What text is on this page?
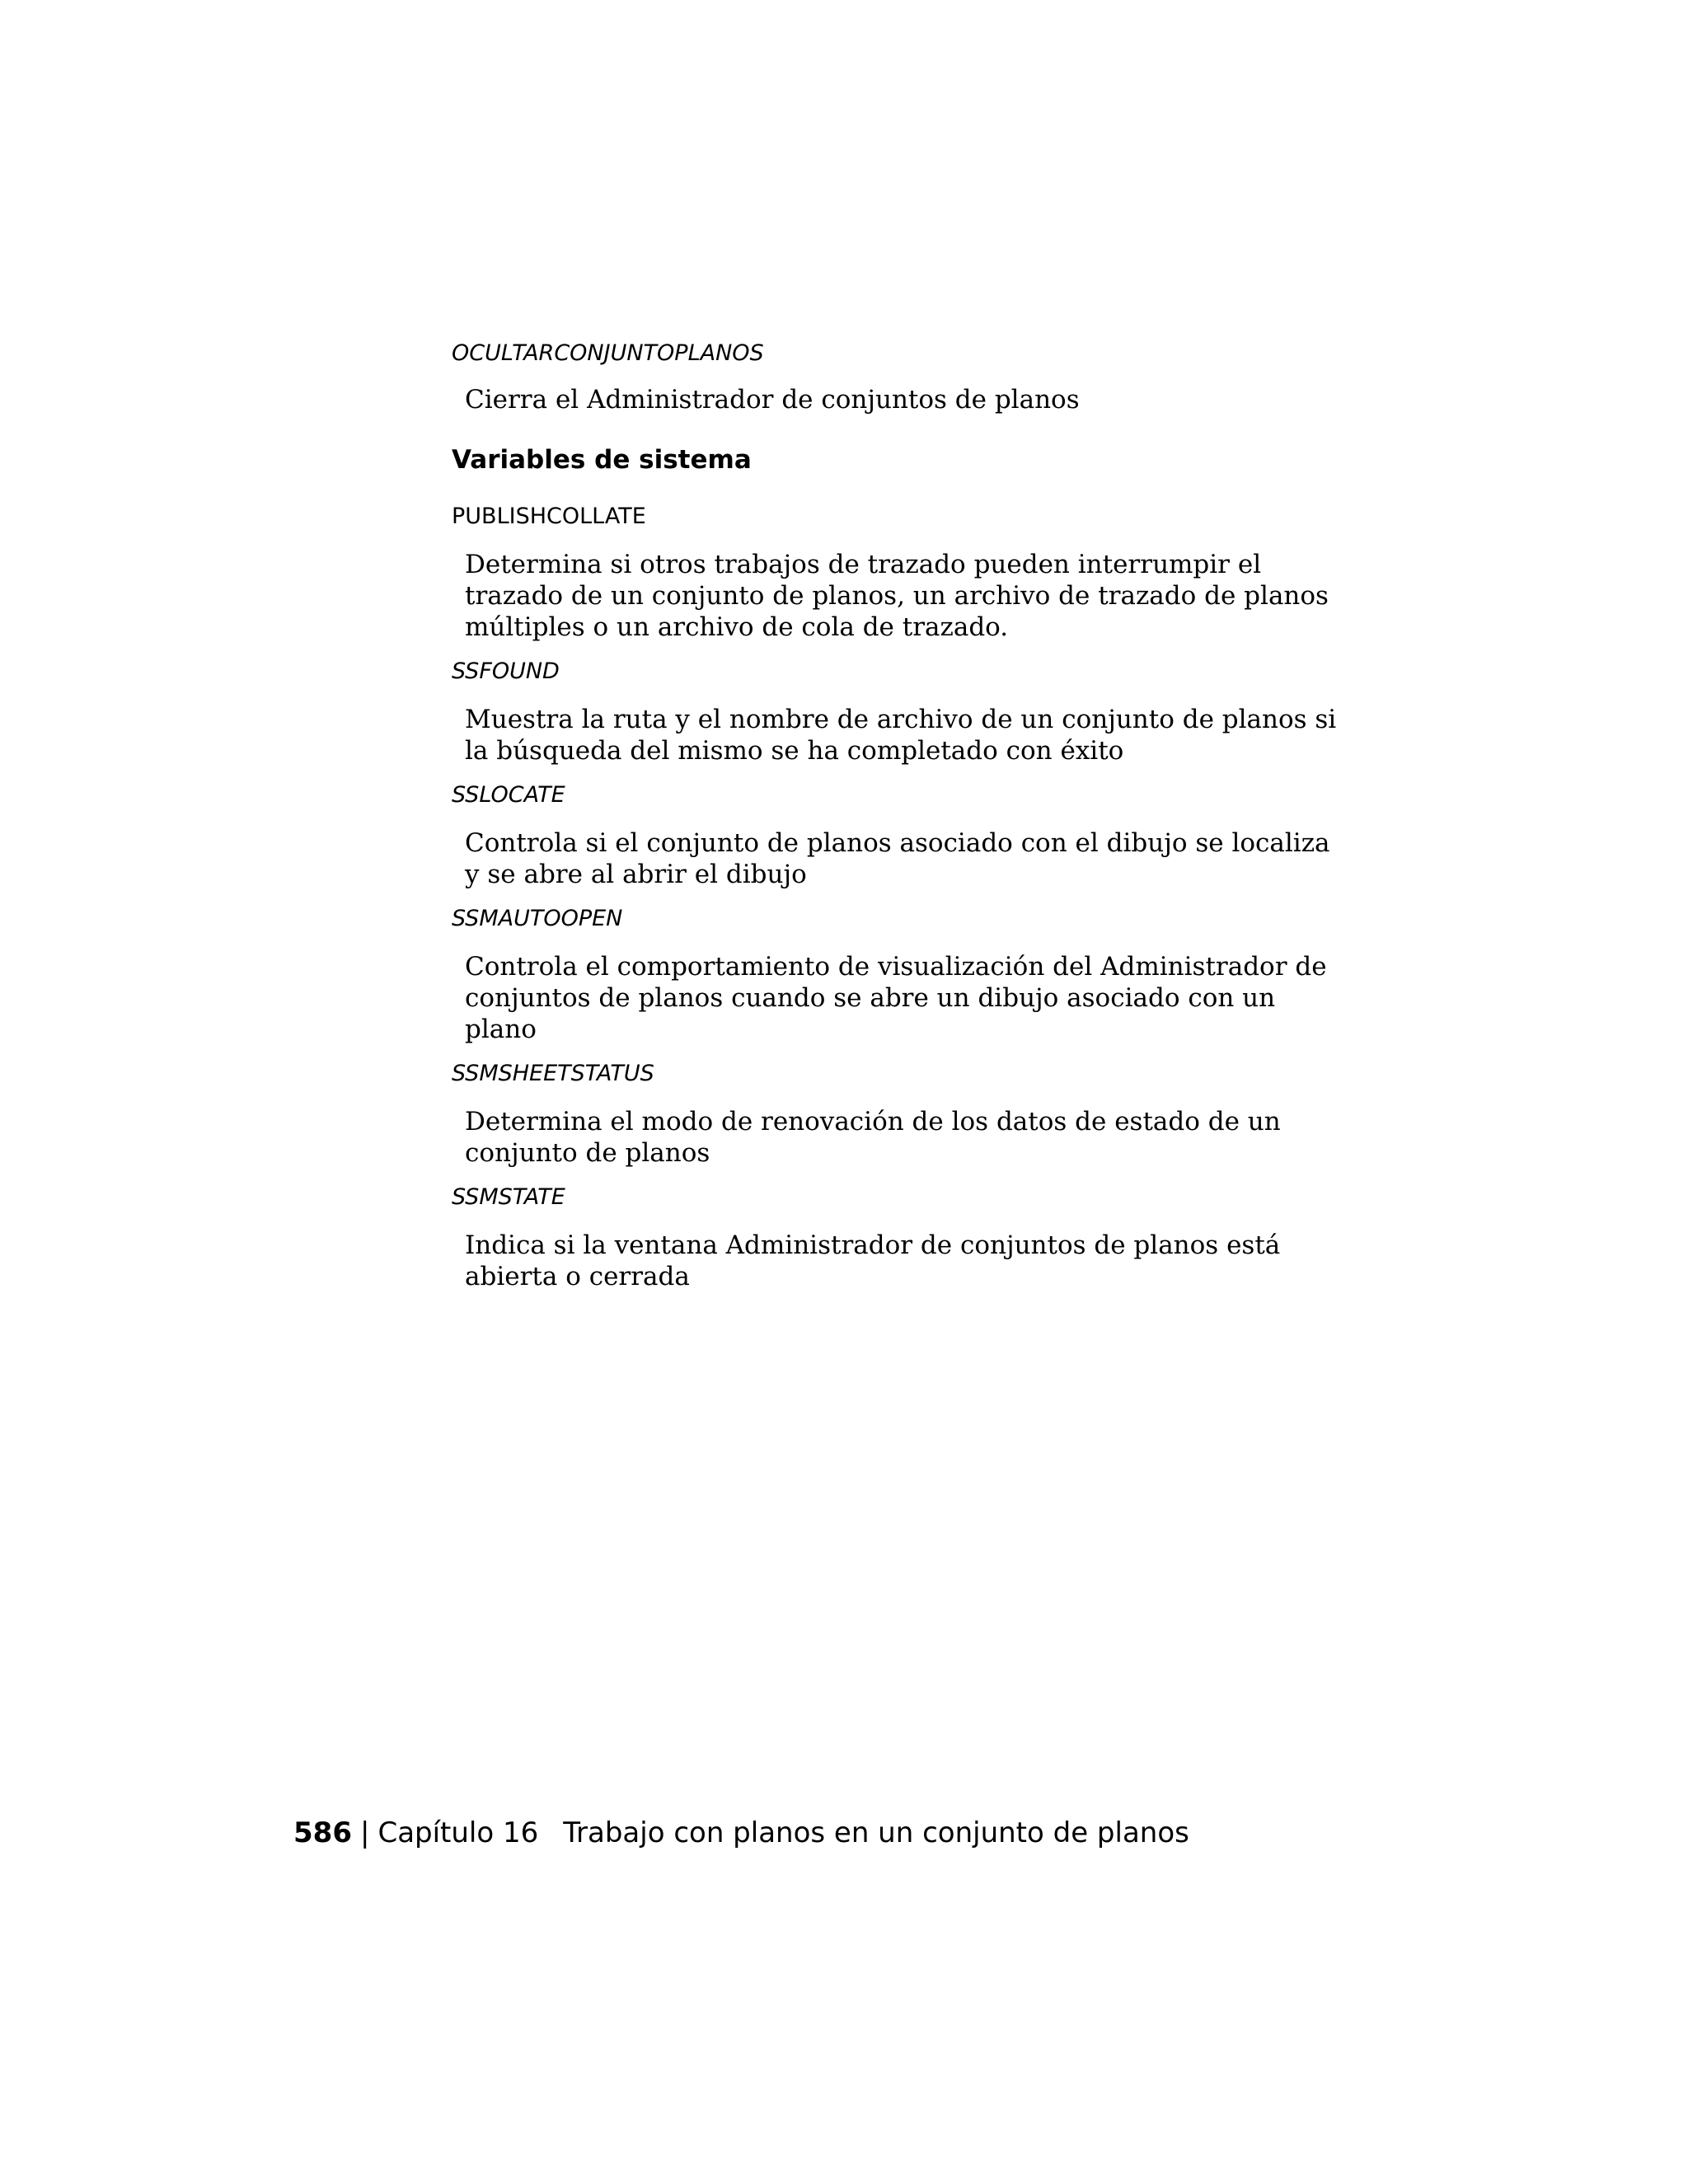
OCULTARCONJUNTOPLANOS

Cierra el Administrador de conjuntos de planos

Variables de sistema

PUBLISHCOLLATE

Determina si otros trabajos de trazado pueden interrumpir el trazado de un conjunto de planos, un archivo de trazado de planos múltiples o un archivo de cola de trazado.

SSFOUND

Muestra la ruta y el nombre de archivo de un conjunto de planos si la búsqueda del mismo se ha completado con éxito

SSLOCATE

Controla si el conjunto de planos asociado con el dibujo se localiza y se abre al abrir el dibujo

SSMAUTOOPEN

Controla el comportamiento de visualización del Administrador de conjuntos de planos cuando se abre un dibujo asociado con un plano

SSMSHEETSTATUS

Determina el modo de renovación de los datos de estado de un conjunto de planos

SSMSTATE

Indica si la ventana Administrador de conjuntos de planos está abierta o cerrada

586 | Capítulo 16 Trabajo con planos en un conjunto de planos
